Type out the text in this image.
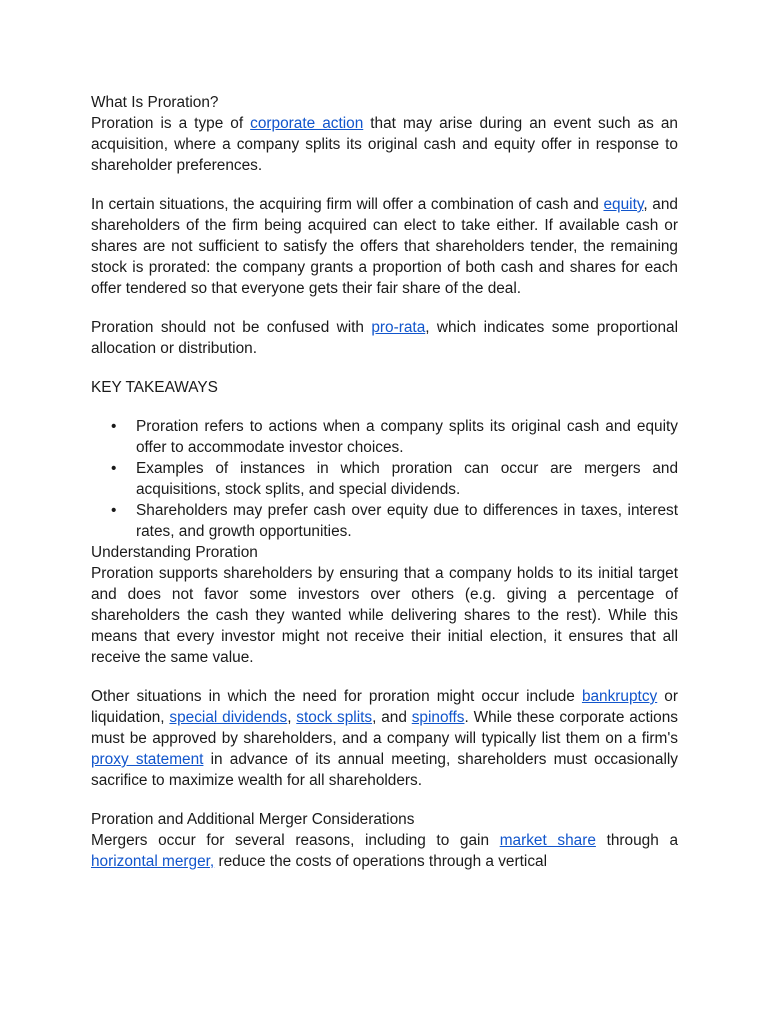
What Is Proration?

Proration is a type of corporate action that may arise during an event such as an acquisition, where a company splits its original cash and equity offer in response to shareholder preferences.

In certain situations, the acquiring firm will offer a combination of cash and equity, and shareholders of the firm being acquired can elect to take either. If available cash or shares are not sufficient to satisfy the offers that shareholders tender, the remaining stock is prorated: the company grants a proportion of both cash and shares for each offer tendered so that everyone gets their fair share of the deal.

Proration should not be confused with pro-rata, which indicates some proportional allocation or distribution.

KEY TAKEAWAYS

• Proration refers to actions when a company splits its original cash and equity offer to accommodate investor choices.
• Examples of instances in which proration can occur are mergers and acquisitions, stock splits, and special dividends.
• Shareholders may prefer cash over equity due to differences in taxes, interest rates, and growth opportunities.

Understanding Proration

Proration supports shareholders by ensuring that a company holds to its initial target and does not favor some investors over others (e.g. giving a percentage of shareholders the cash they wanted while delivering shares to the rest). While this means that every investor might not receive their initial election, it ensures that all receive the same value.

Other situations in which the need for proration might occur include bankruptcy or liquidation, special dividends, stock splits, and spinoffs. While these corporate actions must be approved by shareholders, and a company will typically list them on a firm's proxy statement in advance of its annual meeting, shareholders must occasionally sacrifice to maximize wealth for all shareholders.

Proration and Additional Merger Considerations

Mergers occur for several reasons, including to gain market share through a horizontal merger, reduce the costs of operations through a vertical
